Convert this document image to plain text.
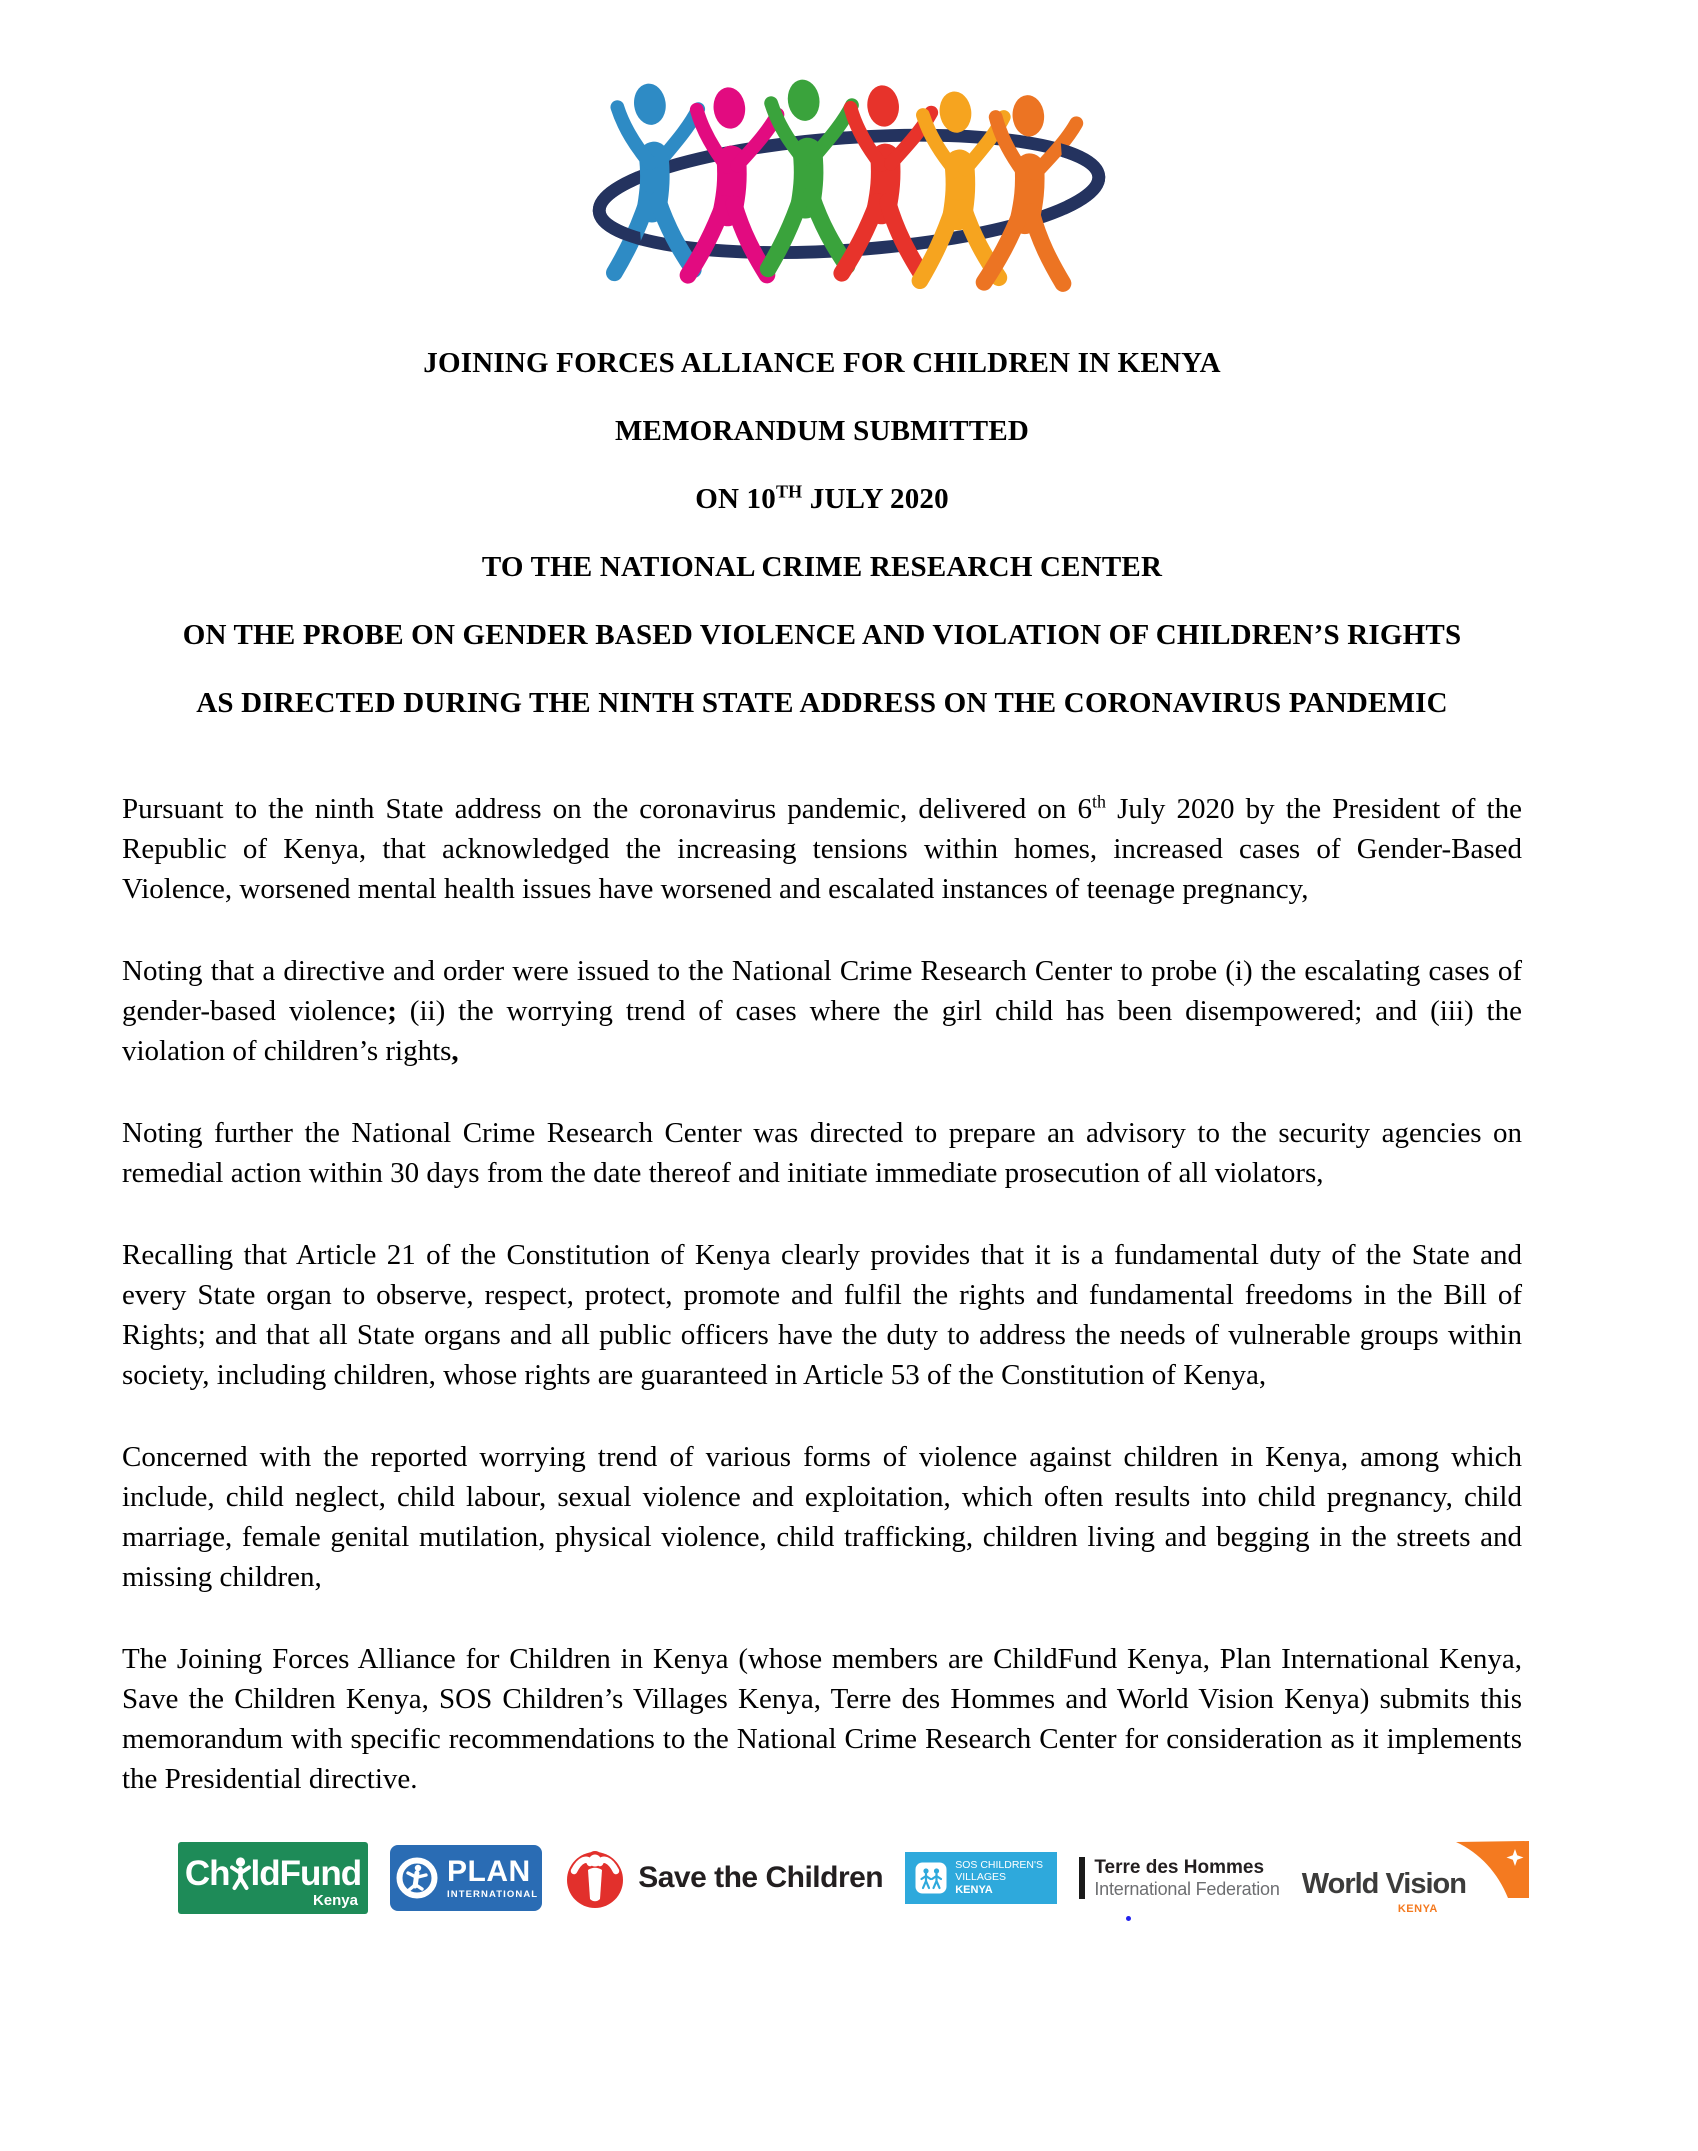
JOINING FORCES ALLIANCE FOR CHILDREN IN KENYA
MEMORANDUM SUBMITTED
ON 10TH JULY 2020
TO THE NATIONAL CRIME RESEARCH CENTER
ON THE PROBE ON GENDER BASED VIOLENCE AND VIOLATION OF CHILDREN’S RIGHTS
AS DIRECTED DURING THE NINTH STATE ADDRESS ON THE CORONAVIRUS PANDEMIC

Pursuant to the ninth State address on the coronavirus pandemic, delivered on 6th July 2020 by the President of the Republic of Kenya, that acknowledged the increasing tensions within homes, increased cases of Gender-Based Violence, worsened mental health issues have worsened and escalated instances of teenage pregnancy,

Noting that a directive and order were issued to the National Crime Research Center to probe (i) the escalating cases of gender-based violence; (ii) the worrying trend of cases where the girl child has been disempowered; and (iii) the violation of children’s rights,

Noting further the National Crime Research Center was directed to prepare an advisory to the security agencies on remedial action within 30 days from the date thereof and initiate immediate prosecution of all violators,

Recalling that Article 21 of the Constitution of Kenya clearly provides that it is a fundamental duty of the State and every State organ to observe, respect, protect, promote and fulfil the rights and fundamental freedoms in the Bill of Rights; and that all State organs and all public officers have the duty to address the needs of vulnerable groups within society, including children, whose rights are guaranteed in Article 53 of the Constitution of Kenya,

Concerned with the reported worrying trend of various forms of violence against children in Kenya, among which include, child neglect, child labour, sexual violence and exploitation, which often results into child pregnancy, child marriage, female genital mutilation, physical violence, child trafficking, children living and begging in the streets and missing children,

The Joining Forces Alliance for Children in Kenya (whose members are ChildFund Kenya, Plan International Kenya, Save the Children Kenya, SOS Children’s Villages Kenya, Terre des Hommes and World Vision Kenya) submits this memorandum with specific recommendations to the National Crime Research Center for consideration as it implements the Presidential directive.

Ch ldFund
Kenya
PLAN
INTERNATIONAL
Save the Children	SOS CHILDREN'S
VILLAGES
KENYA
Terre des Hommes
International Federation World Vision
KENYA
